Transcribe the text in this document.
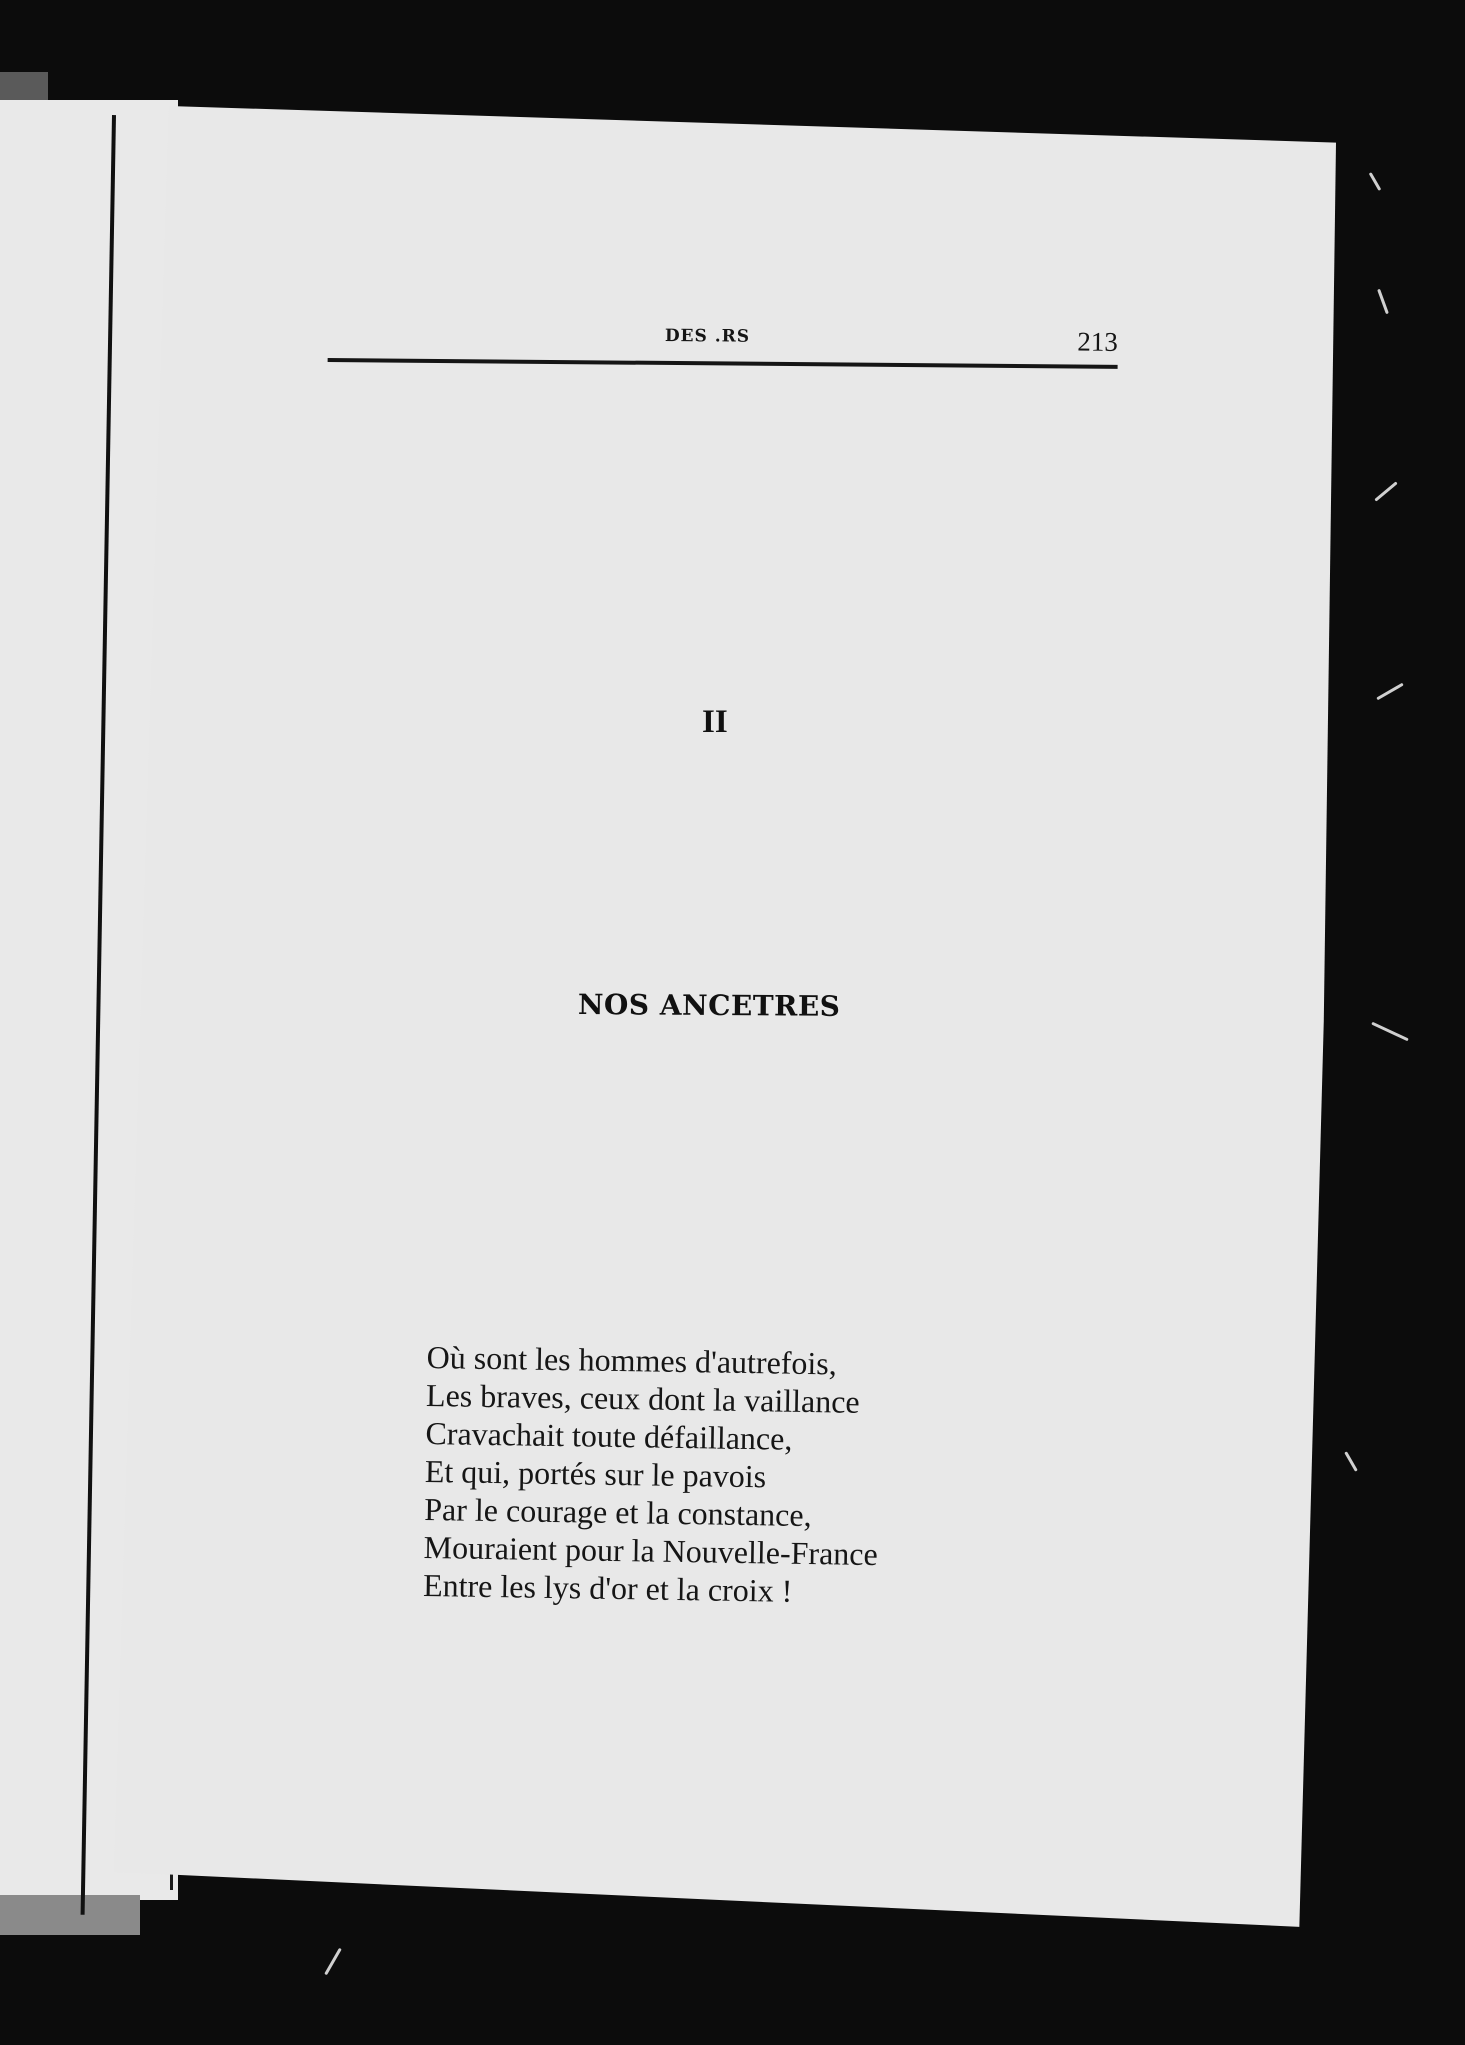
DES .RS	213
II
NOS ANCETRES
Où sont les hommes d'autrefois,
Les braves, ceux dont la vaillance
Cravachait toute défaillance,
Et qui, portés sur le pavois
Par le courage et la constance,
Mouraient pour la Nouvelle-France
Entre les lys d'or et la croix !
